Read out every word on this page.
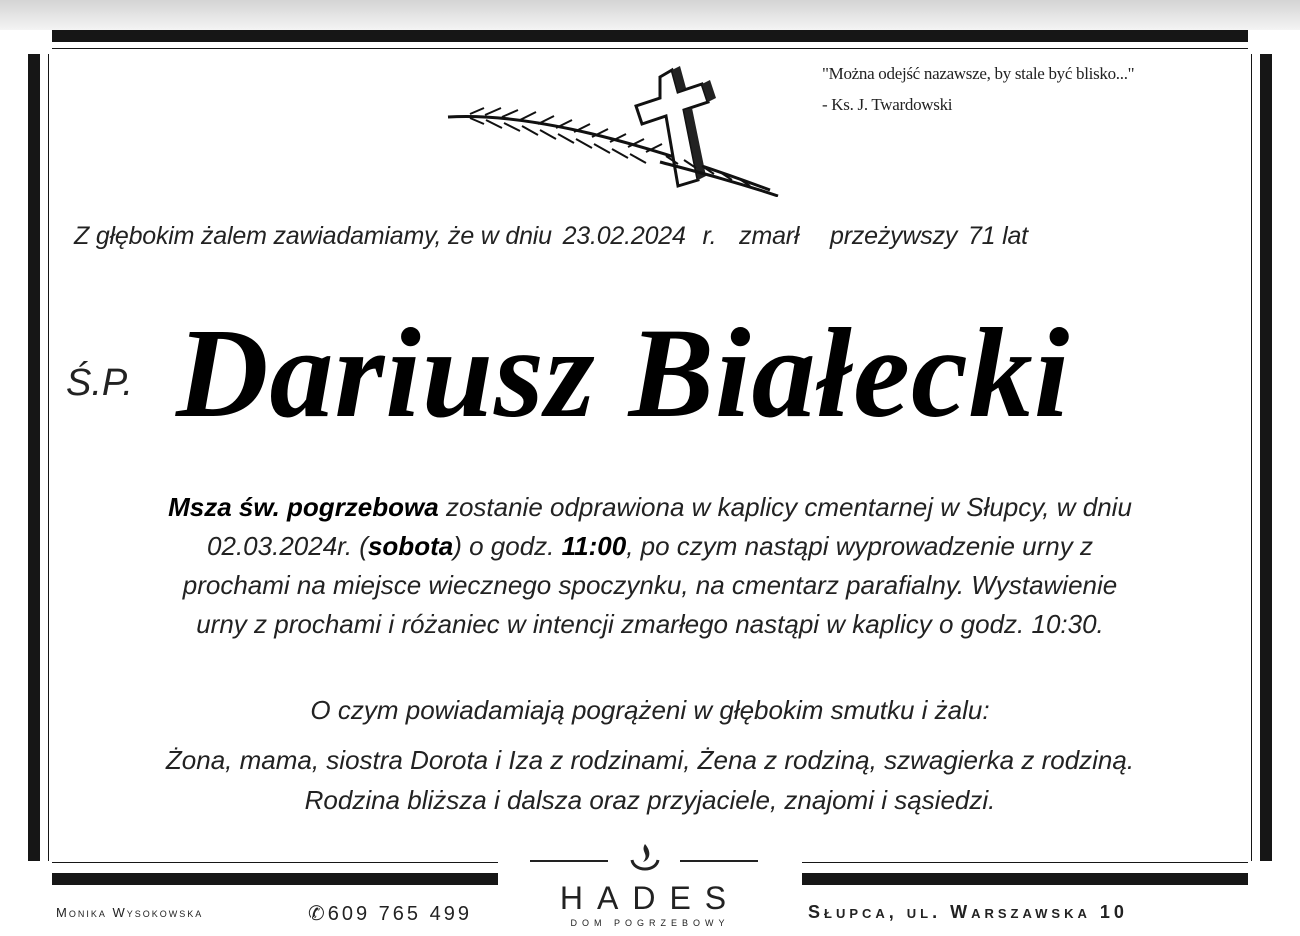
"Można odejść nazawsze, by stale być blisko..."
- Ks. J. Twardowski
Z głębokim żalem zawiadamiamy, że w dniu 23.02.2024 r. zmarł przeżywszy 71 lat
Ś.P. Dariusz Białecki
Msza św. pogrzebowa zostanie odprawiona w kaplicy cmentarnej w Słupcy, w dniu
02.03.2024r. (sobota) o godz. 11:00, po czym nastąpi wyprowadzenie urny z
prochami na miejsce wiecznego spoczynku, na cmentarz parafialny. Wystawienie
urny z prochami i różaniec w intencji zmarłego nastąpi w kaplicy o godz. 10:30.
O czym powiadamiają pogrążeni w głębokim smutku i żalu:
Żona, mama, siostra Dorota i Iza z rodzinami, Żena z rodziną, szwagierka z rodziną.
Rodzina bliższa i dalsza oraz przyjaciele, znajomi i sąsiedzi.
Monika Wysokowska	✆609 765 499	HADES
DOM POGRZEBOWY
Słupca, ul. Warszawska 10
